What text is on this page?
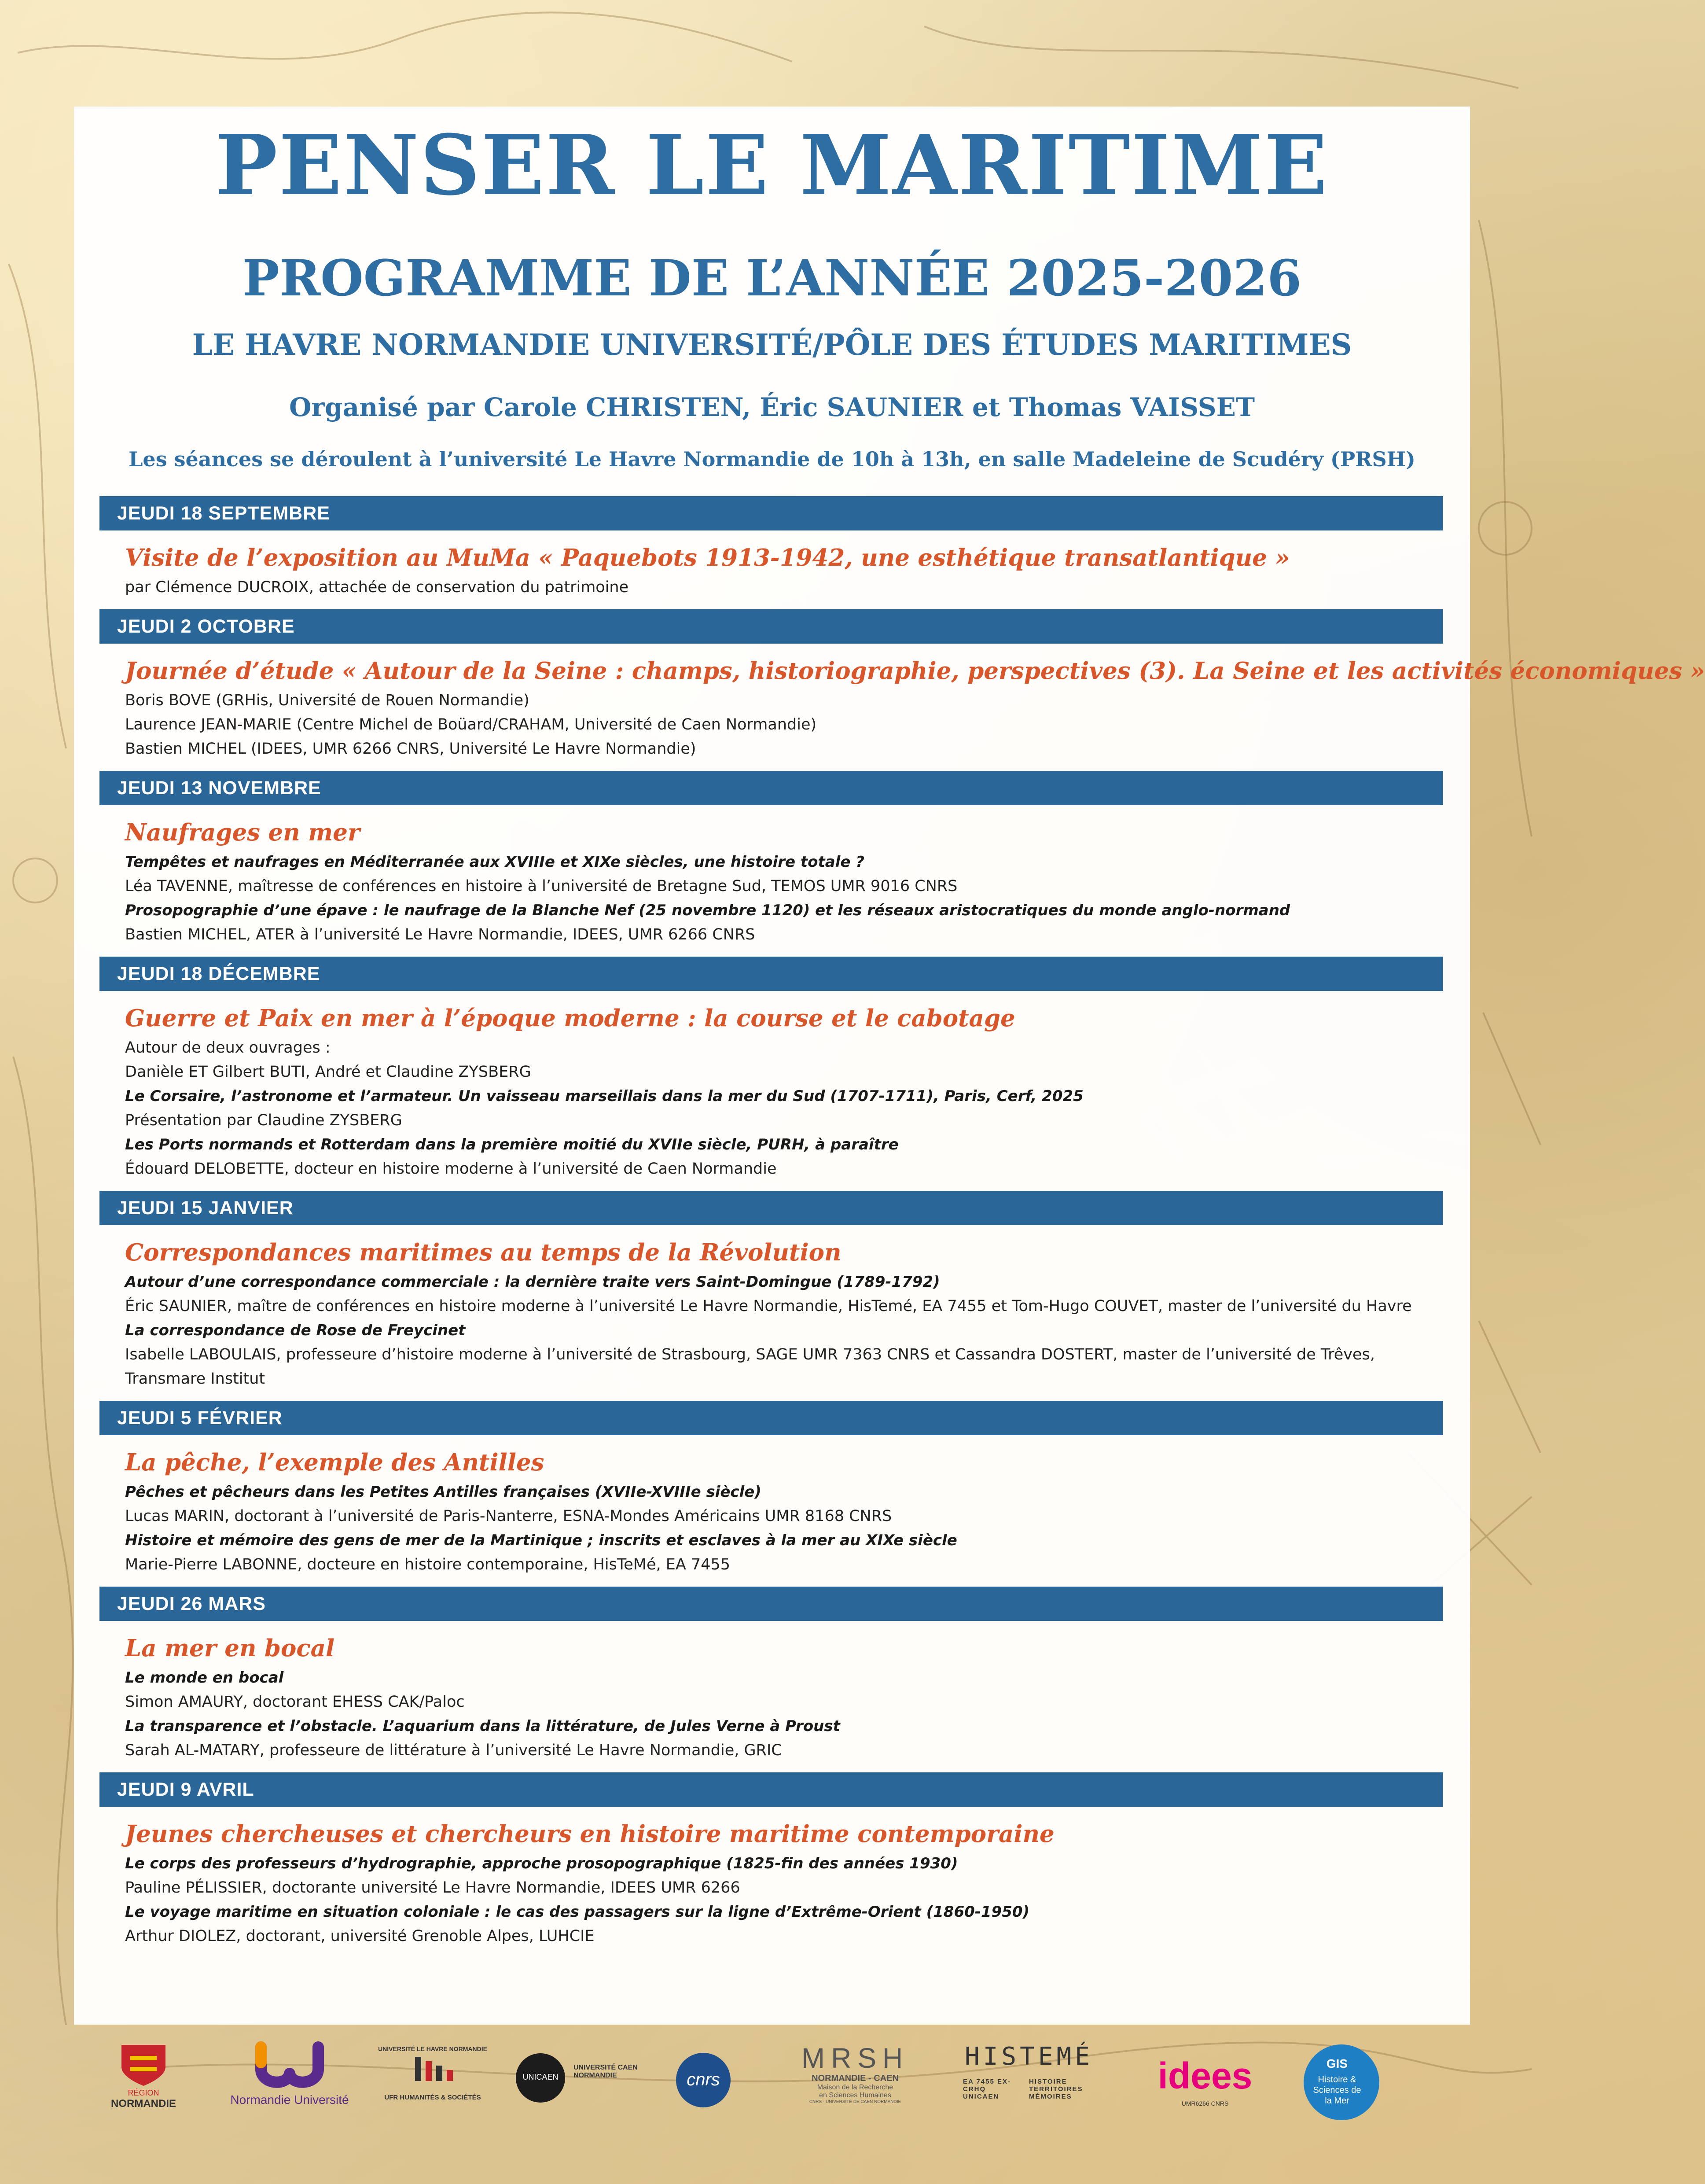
PENSER LE MARITIME
PROGRAMME DE L’ANNÉE 2025-2026
LE HAVRE NORMANDIE UNIVERSITÉ/PÔLE DES ÉTUDES MARITIMES
Organisé par Carole CHRISTEN, Éric SAUNIER et Thomas VAISSET
Les séances se déroulent à l’université Le Havre Normandie de 10h à 13h, en salle Madeleine de Scudéry (PRSH)
JEUDI 18 SEPTEMBRE
Visite de l’exposition au MuMa « Paquebots 1913-1942, une esthétique transatlantique »
par Clémence DUCROIX, attachée de conservation du patrimoine
JEUDI 2 OCTOBRE
Journée d’étude « Autour de la Seine : champs, historiographie, perspectives (3). La Seine et les activités économiques »
Boris BOVE (GRHis, Université de Rouen Normandie)
Laurence JEAN-MARIE (Centre Michel de Boüard/CRAHAM, Université de Caen Normandie)
Bastien MICHEL (IDEES, UMR 6266 CNRS, Université Le Havre Normandie)
JEUDI 13 NOVEMBRE
Naufrages en mer
Tempêtes et naufrages en Méditerranée aux XVIIIe et XIXe siècles, une histoire totale ?
Léa TAVENNE, maîtresse de conférences en histoire à l’université de Bretagne Sud, TEMOS UMR 9016 CNRS
Prosopographie d’une épave : le naufrage de la Blanche Nef (25 novembre 1120) et les réseaux aristocratiques du monde anglo-normand
Bastien MICHEL, ATER à l’université Le Havre Normandie, IDEES, UMR 6266 CNRS
JEUDI 18 DÉCEMBRE
Guerre et Paix en mer à l’époque moderne : la course et le cabotage
Autour de deux ouvrages :
Danièle ET Gilbert BUTI, André et Claudine ZYSBERG
Le Corsaire, l’astronome et l’armateur. Un vaisseau marseillais dans la mer du Sud (1707-1711), Paris, Cerf, 2025
Présentation par Claudine ZYSBERG
Les Ports normands et Rotterdam dans la première moitié du XVIIe siècle, PURH, à paraître
Édouard DELOBETTE, docteur en histoire moderne à l’université de Caen Normandie
JEUDI 15 JANVIER
Correspondances maritimes au temps de la Révolution
Autour d’une correspondance commerciale : la dernière traite vers Saint-Domingue (1789-1792)
Éric SAUNIER, maître de conférences en histoire moderne à l’université Le Havre Normandie, HisTemé, EA 7455 et Tom-Hugo COUVET, master de l’université du Havre
La correspondance de Rose de Freycinet
Isabelle LABOULAIS, professeure d’histoire moderne à l’université de Strasbourg, SAGE UMR 7363 CNRS et Cassandra DOSTERT, master de l’université de Trêves, Transmare Institut
JEUDI 5 FÉVRIER
La pêche, l’exemple des Antilles
Pêches et pêcheurs dans les Petites Antilles françaises (XVIIe-XVIIIe siècle)
Lucas MARIN, doctorant à l’université de Paris-Nanterre, ESNA-Mondes Américains UMR 8168 CNRS
Histoire et mémoire des gens de mer de la Martinique ; inscrits et esclaves à la mer au XIXe siècle
Marie-Pierre LABONNE, docteure en histoire contemporaine, HisTeMé, EA 7455
JEUDI 26 MARS
La mer en bocal
Le monde en bocal
Simon AMAURY, doctorant EHESS CAK/Paloc
La transparence et l’obstacle. L’aquarium dans la littérature, de Jules Verne à Proust
Sarah AL-MATARY, professeure de littérature à l’université Le Havre Normandie, GRIC
JEUDI 9 AVRIL
Jeunes chercheuses et chercheurs en histoire maritime contemporaine
Le corps des professeurs d’hydrographie, approche prosopographique (1825-fin des années 1930)
Pauline PÉLISSIER, doctorante université Le Havre Normandie, IDEES UMR 6266
Le voyage maritime en situation coloniale : le cas des passagers sur la ligne d’Extrême-Orient (1860-1950)
Arthur DIOLEZ, doctorant, université Grenoble Alpes, LUHCIE
RÉGION
NORMANDIE	Normandie Université
UNIVERSITÉ LE HAVRE NORMANDIE
UFR HUMANITÉS & SOCIÉTÉS
UNICAEN
UNIVERSITÉ CAEN NORMANDIE	cnrs
MRSH
NORMANDIE - CAEN
Maison de la Recherche
en Sciences Humaines
CNRS · UNIVERSITÉ DE CAEN NORMANDIE
HISTEMÉ
EA 7455 EX-CRHQ UNICAEN
HISTOIRE TERRITOIRES MÉMOIRES
idees
UMR6266 CNRS
GIS
Histoire & Sciences de la Mer
